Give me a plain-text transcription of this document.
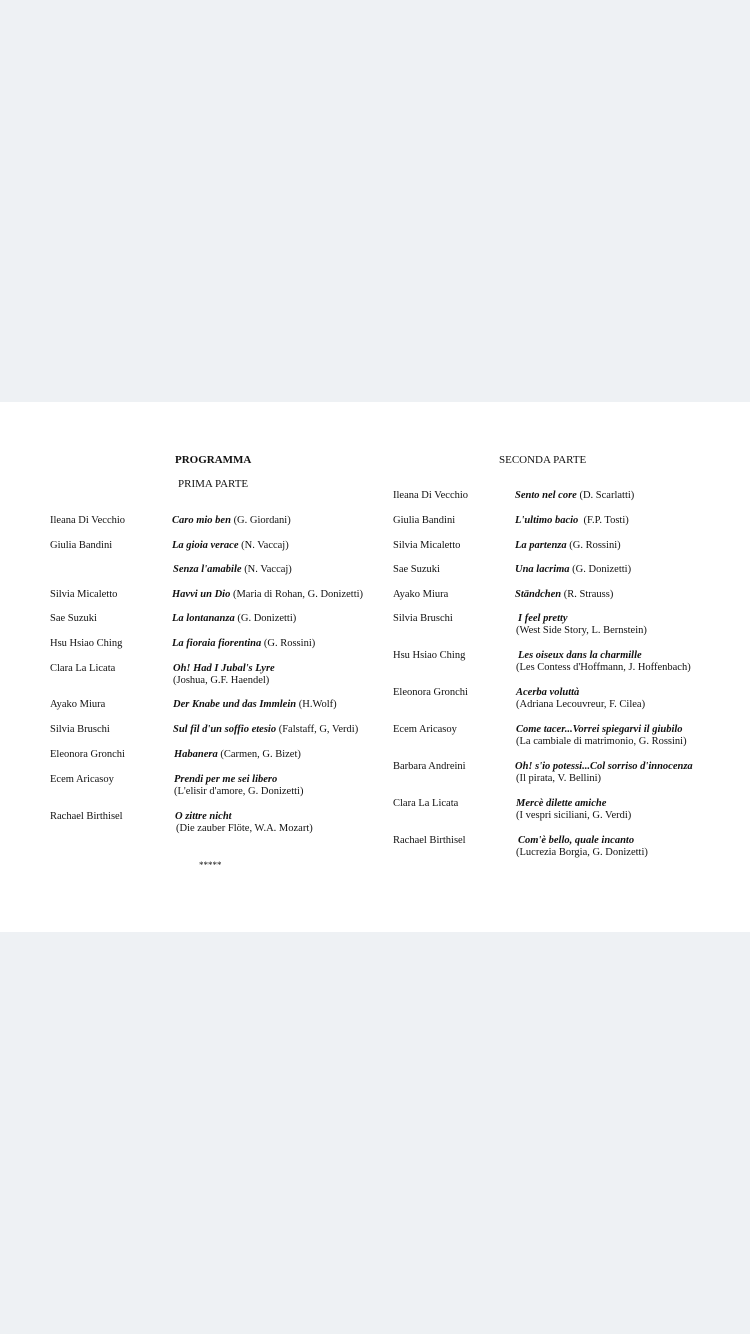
PROGRAMMA
PRIMA PARTE
SECONDA PARTE
Ileana Di Vecchio	Caro mio ben (G. Giordani)
Giulia Bandini	La gioia verace (N. Vaccaj)
Senza l'amabile (N. Vaccaj)
Silvia Micaletto	Havvi un Dio (Maria di Rohan, G. Donizetti)
Sae Suzuki	La lontananza (G. Donizetti)
Hsu Hsiao Ching	La fioraia fiorentina (G. Rossini)
Clara La Licata	Oh! Had I Jubal's Lyre
(Joshua, G.F. Haendel)
Ayako Miura	Der Knabe und das Immlein (H.Wolf)
Silvia Bruschi	Sul fil d'un soffio etesio (Falstaff, G, Verdi)
Eleonora Gronchi	Habanera (Carmen, G. Bizet)
Ecem Aricasoy	Prendi per me sei libero
(L'elisir d'amore, G. Donizetti)
Rachael Birthisel	O zittre nicht
(Die zauber Flöte, W.A. Mozart)
*****
Ileana Di Vecchio	Sento nel core (D. Scarlatti)
Giulia Bandini	L'ultimo bacio  (F.P. Tosti)
Silvia Micaletto	La partenza (G. Rossini)
Sae Suzuki	Una lacrima (G. Donizetti)
Ayako Miura	Ständchen (R. Strauss)
Silvia Bruschi	I feel pretty
(West Side Story, L. Bernstein)
Hsu Hsiao Ching	Les oiseux dans la charmille
(Les Contess d'Hoffmann, J. Hoffenbach)
Eleonora Gronchi	Acerba voluttà
(Adriana Lecouvreur, F. Cilea)
Ecem Aricasoy	Come tacer...Vorrei spiegarvi il giubilo
(La cambiale di matrimonio, G. Rossini)
Barbara Andreini	Oh! s'io potessi...Col sorriso d'innocenza
(Il pirata, V. Bellini)
Clara La Licata	Mercè dilette amiche
(I vespri siciliani, G. Verdi)
Rachael Birthisel	Com'è bello, quale incanto
(Lucrezia Borgia, G. Donizetti)
